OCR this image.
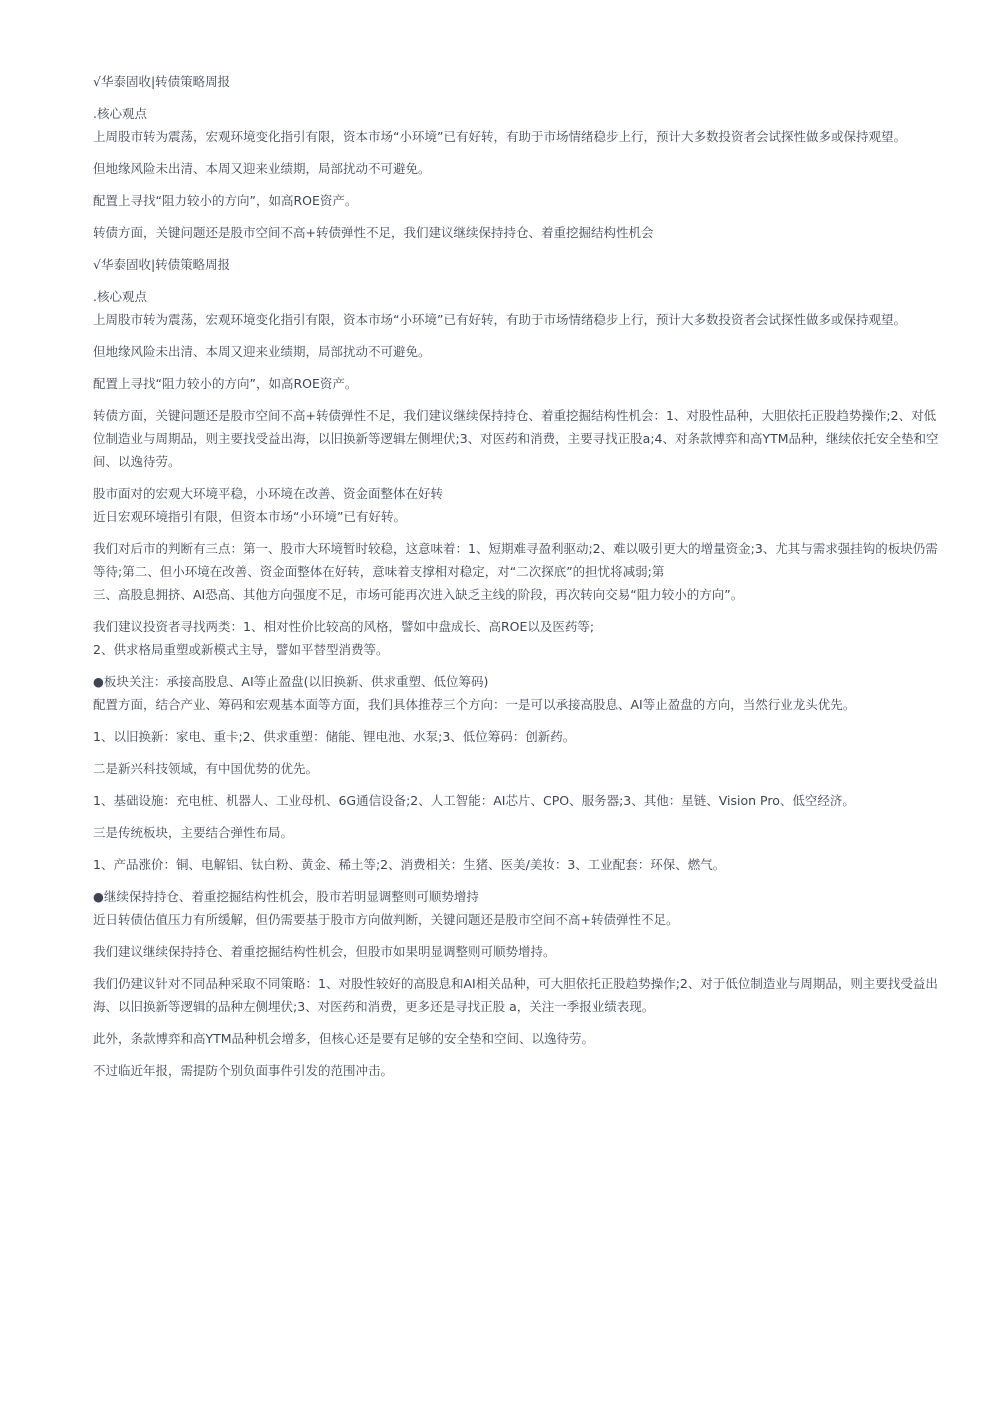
√华泰固收|转债策略周报
.核心观点
上周股市转为震荡，宏观环境变化指引有限，资本市场“小环境”已有好转，有助于市场情绪稳步上行，预计大多数投资者会试探性做多或保持观望。
但地缘风险未出清、本周又迎来业绩期，局部扰动不可避免。
配置上寻找“阻力较小的方向”，如高ROE资产。
转债方面，关键问题还是股市空间不高+转债弹性不足，我们建议继续保持持仓、着重挖掘结构性机会
√华泰固收|转债策略周报
.核心观点
上周股市转为震荡，宏观环境变化指引有限，资本市场“小环境”已有好转，有助于市场情绪稳步上行，预计大多数投资者会试探性做多或保持观望。
但地缘风险未出清、本周又迎来业绩期，局部扰动不可避免。
配置上寻找“阻力较小的方向”，如高ROE资产。
转债方面，关键问题还是股市空间不高+转债弹性不足，我们建议继续保持持仓、着重挖掘结构性机会：1、对股性品种，大胆依托正股趋势操作;2、对低位制造业与周期品，则主要找受益出海，以旧换新等逻辑左侧埋伏;3、对医药和消费，主要寻找正股a;4、对条款博弈和高YTM品种，继续依托安全垫和空间、以逸待劳。
股市面对的宏观大环境平稳，小环境在改善、资金面整体在好转
近日宏观环境指引有限，但资本市场“小环境”已有好转。
我们对后市的判断有三点：第一、股市大环境暂时较稳，这意味着：1、短期难寻盈利驱动;2、难以吸引更大的增量资金;3、尤其与需求强挂钩的板块仍需等待;第二、但小环境在改善、资金面整体在好转，意味着支撑相对稳定，对“二次探底”的担忧将减弱;第
三、高股息拥挤、AI恐高、其他方向强度不足，市场可能再次进入缺乏主线的阶段，再次转向交易“阻力较小的方向”。
我们建议投资者寻找两类：1、相对性价比较高的风格，譬如中盘成长、高ROE以及医药等;
2、供求格局重塑或新模式主导，譬如平替型消费等。
●板块关注：承接高股息、AI等止盈盘(以旧换新、供求重塑、低位筹码)
配置方面，结合产业、筹码和宏观基本面等方面，我们具体推荐三个方向：一是可以承接高股息、AI等止盈盘的方向，当然行业龙头优先。
1、以旧换新：家电、重卡;2、供求重塑：储能、锂电池、水泵;3、低位筹码：创新药。
二是新兴科技领域，有中国优势的优先。
1、基础设施：充电桩、机器人、工业母机、6G通信设备;2、人工智能：AI芯片、CPO、服务器;3、其他：星链、Vision Pro、低空经济。
三是传统板块，主要结合弹性布局。
1、产品涨价：铜、电解铝、钛白粉、黄金、稀土等;2、消费相关：生猪、医美/美妆：3、工业配套：环保、燃气。
●继续保持持仓、着重挖掘结构性机会，股市若明显调整则可顺势增持
近日转债估值压力有所缓解，但仍需要基于股市方向做判断，关键问题还是股市空间不高+转债弹性不足。
我们建议继续保持持仓、着重挖掘结构性机会，但股市如果明显调整则可顺势增持。
我们仍建议针对不同品种采取不同策略：1、对股性较好的高股息和AI相关品种，可大胆依托正股趋势操作;2、对于低位制造业与周期品，则主要找受益出海、以旧换新等逻辑的品种左侧埋伏;3、对医药和消费，更多还是寻找正股 a，关注一季报业绩表现。
此外，条款博弈和高YTM品种机会增多，但核心还是要有足够的安全垫和空间、以逸待劳。
不过临近年报，需提防个别负面事件引发的范围冲击。
